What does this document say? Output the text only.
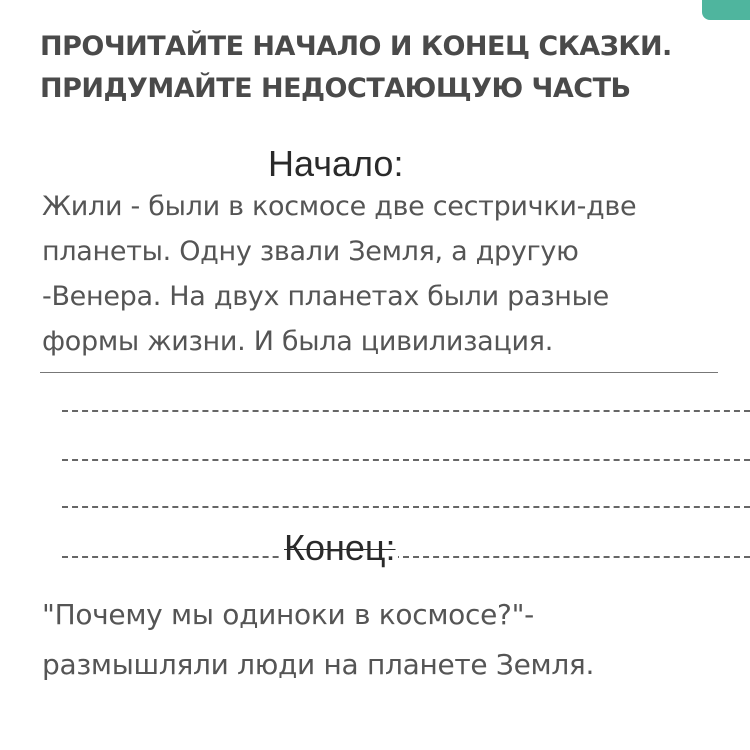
ПРОЧИТАЙТЕ НАЧАЛО И КОНЕЦ СКАЗКИ.
ПРИДУМАЙТЕ НЕДОСТАЮЩУЮ ЧАСТЬ
Начало:

Жили - были в космосе две сестрички-две
планеты. Одну звали Земля, а другую
-Венера. На двух планетах были разные
формы жизни. И была цивилизация.

Конец:

"Почему мы одиноки в космосе?"-
размышляли люди на планете Земля.
